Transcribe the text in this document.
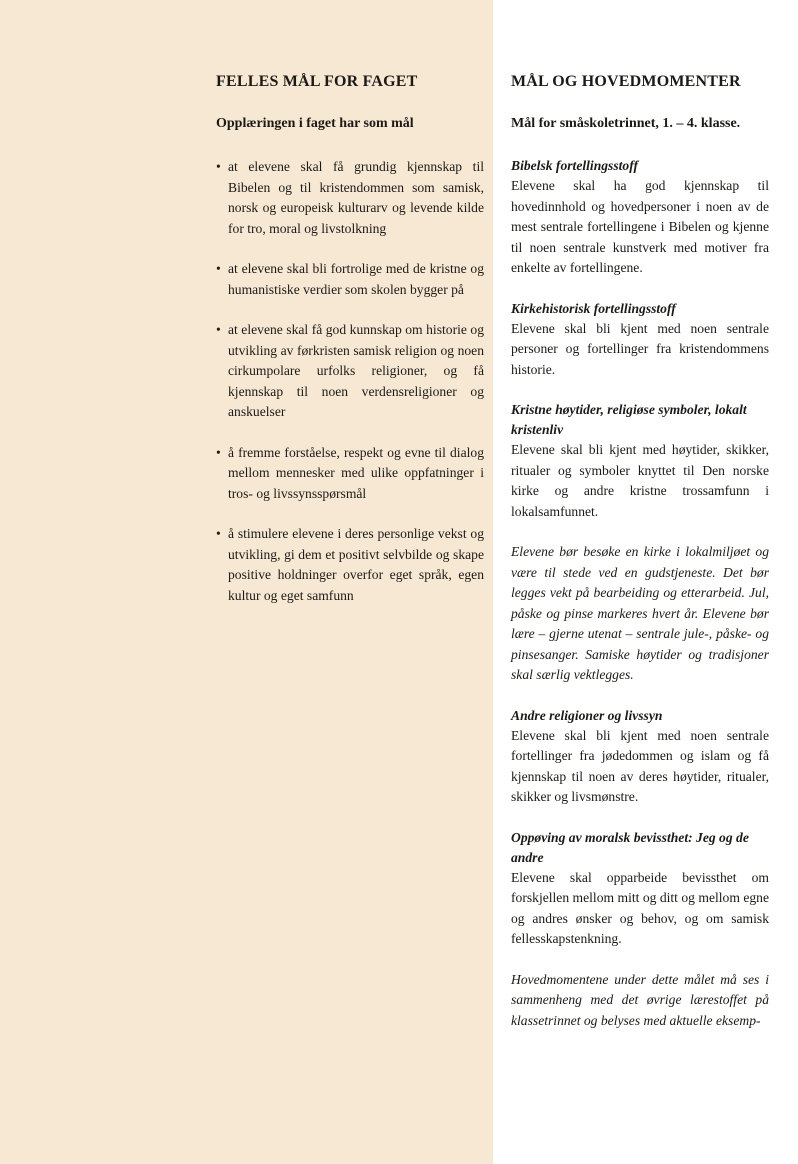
FELLES MÅL FOR FAGET
Opplæringen i faget har som mål
• at elevene skal få grundig kjennskap til Bibelen og til kristendommen som samisk, norsk og europeisk kulturarv og levende kilde for tro, moral og livstolkning
• at elevene skal bli fortrolige med de kristne og humanistiske verdier som skolen bygger på
• at elevene skal få god kunnskap om historie og utvikling av førkristen samisk religion og noen cirkumpolare urfolks religioner, og få kjennskap til noen verdensreligioner og anskuelser
• å fremme forståelse, respekt og evne til dialog mellom mennesker med ulike oppfatninger i tros- og livssynsspørsmål
• å stimulere elevene i deres personlige vekst og utvikling, gi dem et positivt selvbilde og skape positive holdninger overfor eget språk, egen kultur og eget samfunn
MÅL OG HOVEDMOMENTER
Mål for småskoletrinnet, 1. – 4. klasse.
Bibelsk fortellingsstoff
Elevene skal ha god kjennskap til hovedinnhold og hovedpersoner i noen av de mest sentrale fortellingene i Bibelen og kjenne til noen sentrale kunstverk med motiver fra enkelte av fortellingene.
Kirkehistorisk fortellingsstoff
Elevene skal bli kjent med noen sentrale personer og fortellinger fra kristendommens historie.
Kristne høytider, religiøse symboler, lokalt kristenliv
Elevene skal bli kjent med høytider, skikker, ritualer og symboler knyttet til Den norske kirke og andre kristne trossamfunn i lokalsamfunnet.
Elevene bør besøke en kirke i lokalmiljøet og være til stede ved en gudstjeneste. Det bør legges vekt på bearbeiding og etterarbeid. Jul, påske og pinse markeres hvert år. Elevene bør lære – gjerne utenat – sentrale jule-, påske- og pinsesanger. Samiske høytider og tradisjoner skal særlig vektlegges.
Andre religioner og livssyn
Elevene skal bli kjent med noen sentrale fortellinger fra jødedommen og islam og få kjennskap til noen av deres høytider, ritualer, skikker og livsmønstre.
Oppøving av moralsk bevissthet: Jeg og de andre
Elevene skal opparbeide bevissthet om forskjellen mellom mitt og ditt og mellom egne og andres ønsker og behov, og om samisk fellesskapstenkning.
Hovedmomentene under dette målet må ses i sammenheng med det øvrige lærestoffet på klassetrinnet og belyses med aktuelle eksemp-
